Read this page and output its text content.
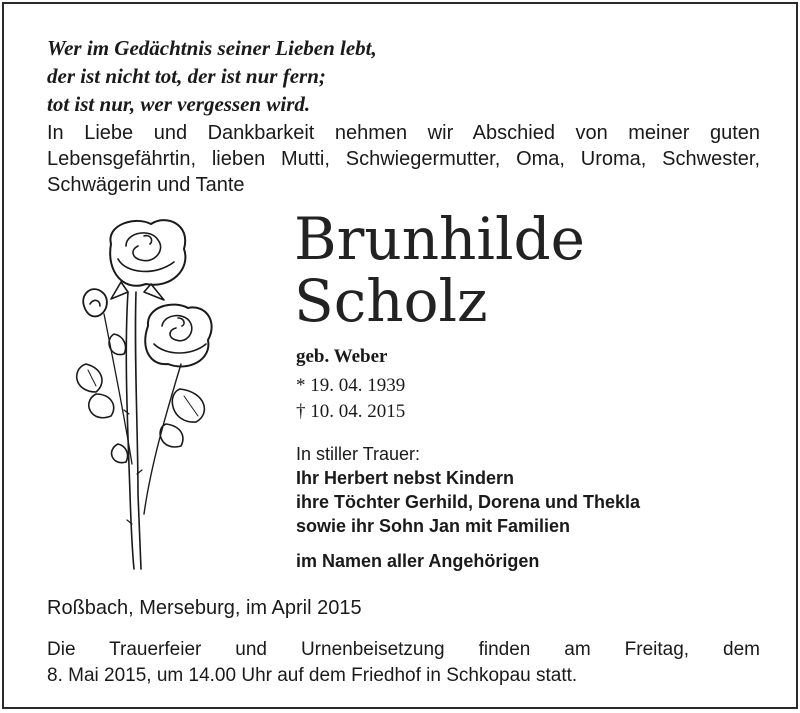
Wer im Gedächtnis seiner Lieben lebt,
der ist nicht tot, der ist nur fern;
tot ist nur, wer vergessen wird.
In Liebe und Dankbarkeit nehmen wir Abschied von meiner guten
Lebensgefährtin, lieben Mutti, Schwiegermutter, Oma, Uroma, Schwester,
Schwägerin und Tante
Brunhilde
Scholz
geb. Weber
* 19. 04. 1939
† 10. 04. 2015
In stiller Trauer:
Ihr Herbert nebst Kindern
ihre Töchter Gerhild, Dorena und Thekla
sowie ihr Sohn Jan mit Familien
im Namen aller Angehörigen
Roßbach, Merseburg, im April 2015
Die Trauerfeier und Urnenbeisetzung finden am Freitag, dem
8. Mai 2015, um 14.00 Uhr auf dem Friedhof in Schkopau statt.
